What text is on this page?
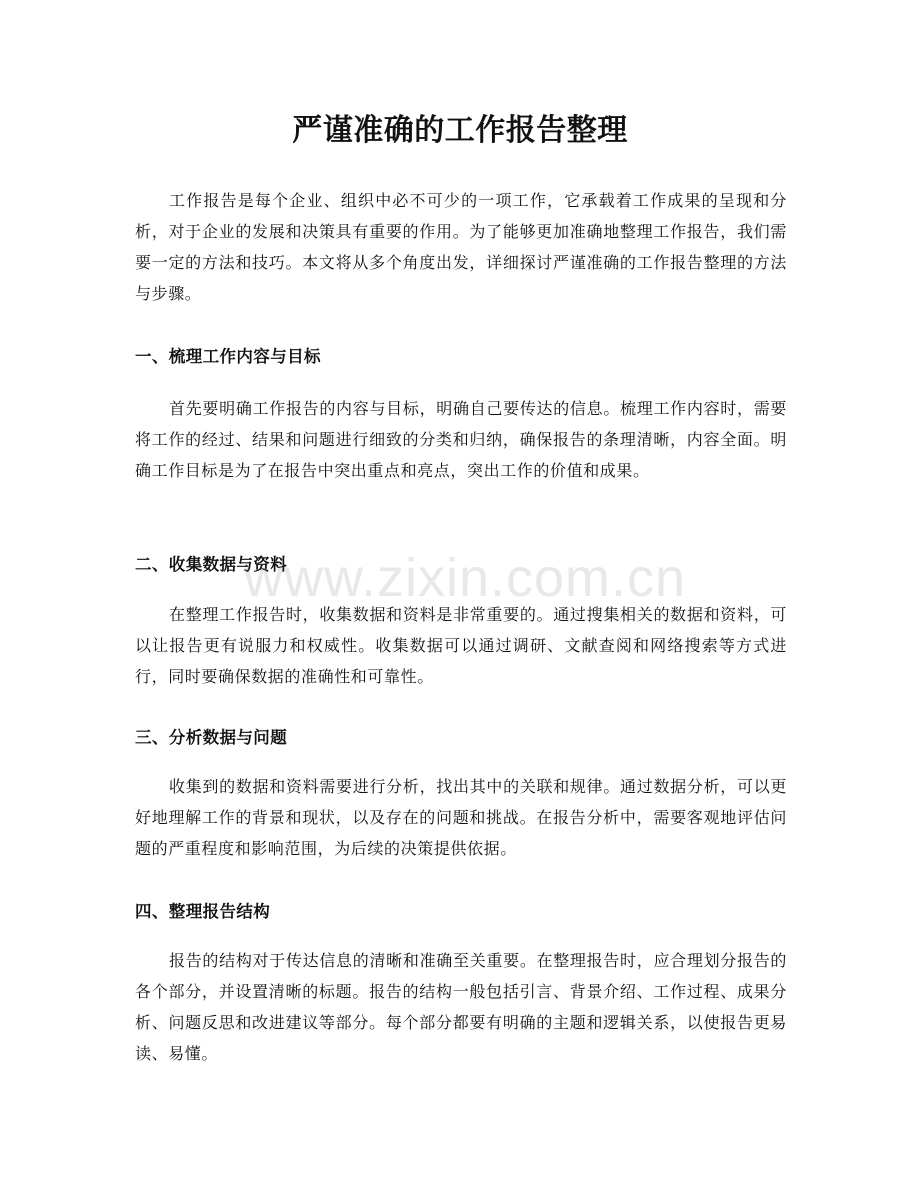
严谨准确的工作报告整理

工作报告是每个企业、组织中必不可少的一项工作，它承载着工作成果的呈现和分析，对于企业的发展和决策具有重要的作用。为了能够更加准确地整理工作报告，我们需要一定的方法和技巧。本文将从多个角度出发，详细探讨严谨准确的工作报告整理的方法与步骤。

一、梳理工作内容与目标

首先要明确工作报告的内容与目标，明确自己要传达的信息。梳理工作内容时，需要将工作的经过、结果和问题进行细致的分类和归纳，确保报告的条理清晰，内容全面。明确工作目标是为了在报告中突出重点和亮点，突出工作的价值和成果。

二、收集数据与资料

在整理工作报告时，收集数据和资料是非常重要的。通过搜集相关的数据和资料，可以让报告更有说服力和权威性。收集数据可以通过调研、文献查阅和网络搜索等方式进行，同时要确保数据的准确性和可靠性。

三、分析数据与问题

收集到的数据和资料需要进行分析，找出其中的关联和规律。通过数据分析，可以更好地理解工作的背景和现状，以及存在的问题和挑战。在报告分析中，需要客观地评估问题的严重程度和影响范围，为后续的决策提供依据。

四、整理报告结构

报告的结构对于传达信息的清晰和准确至关重要。在整理报告时，应合理划分报告的各个部分，并设置清晰的标题。报告的结构一般包括引言、背景介绍、工作过程、成果分析、问题反思和改进建议等部分。每个部分都要有明确的主题和逻辑关系，以使报告更易读、易懂。

www.zixin.com.cn
